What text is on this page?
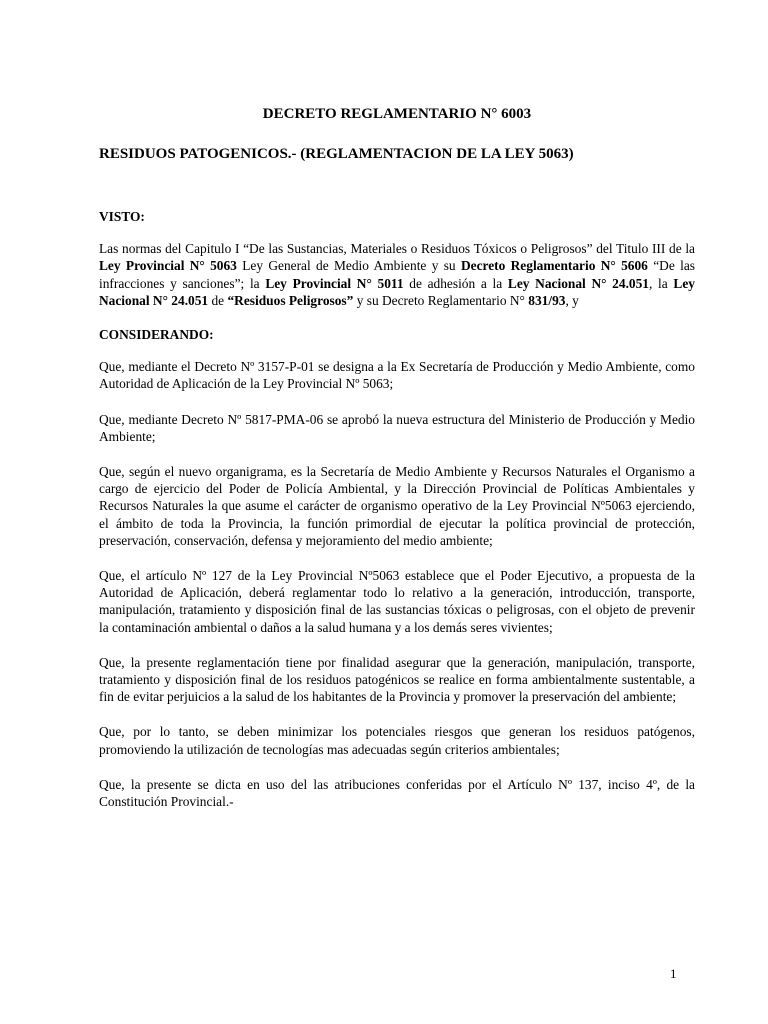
DECRETO REGLAMENTARIO N° 6003
RESIDUOS PATOGENICOS.- (REGLAMENTACION DE LA LEY 5063)
VISTO:
Las normas del Capitulo I “De las Sustancias, Materiales o Residuos Tóxicos o Peligrosos” del Titulo III de la Ley Provincial N° 5063 Ley General de Medio Ambiente y su Decreto Reglamentario N° 5606 “De las infracciones y sanciones”; la Ley Provincial N° 5011 de adhesión a la Ley Nacional N° 24.051, la Ley Nacional N° 24.051 de “Residuos Peligrosos” y su Decreto Reglamentario N° 831/93, y
CONSIDERANDO:
Que, mediante el Decreto Nº 3157-P-01 se designa a la Ex Secretaría de Producción y Medio Ambiente, como Autoridad de Aplicación de la Ley Provincial Nº 5063;
Que, mediante Decreto Nº 5817-PMA-06 se aprobó la nueva estructura del Ministerio de Producción y Medio Ambiente;
Que, según el nuevo organigrama, es la Secretaría de Medio Ambiente y Recursos Naturales el Organismo a cargo de ejercicio del Poder de Policía Ambiental, y la Dirección Provincial de Políticas Ambientales y Recursos Naturales la que asume el carácter de organismo operativo de la Ley Provincial Nº5063 ejerciendo, el ámbito de toda la Provincia, la función primordial de ejecutar la política provincial de protección, preservación, conservación, defensa y mejoramiento del medio ambiente;
Que, el artículo Nº 127 de la Ley Provincial Nº5063 establece que el Poder Ejecutivo, a propuesta de la Autoridad de Aplicación, deberá reglamentar todo lo relativo a la generación, introducción, transporte, manipulación, tratamiento y disposición final de las sustancias tóxicas o peligrosas, con el objeto de prevenir la contaminación ambiental o daños a la salud humana y a los demás seres vivientes;
Que, la presente reglamentación tiene por finalidad asegurar que la generación, manipulación, transporte, tratamiento y disposición final de los residuos patogénicos se realice en forma ambientalmente sustentable, a fin de evitar perjuicios a la salud de los habitantes de la Provincia y promover la preservación del ambiente;
Que, por lo tanto, se deben minimizar los potenciales riesgos que generan los residuos patógenos, promoviendo la utilización de tecnologías mas adecuadas según criterios ambientales;
Que, la presente se dicta en uso del las atribuciones conferidas por el Artículo Nº 137, inciso 4º, de la Constitución Provincial.-
1
